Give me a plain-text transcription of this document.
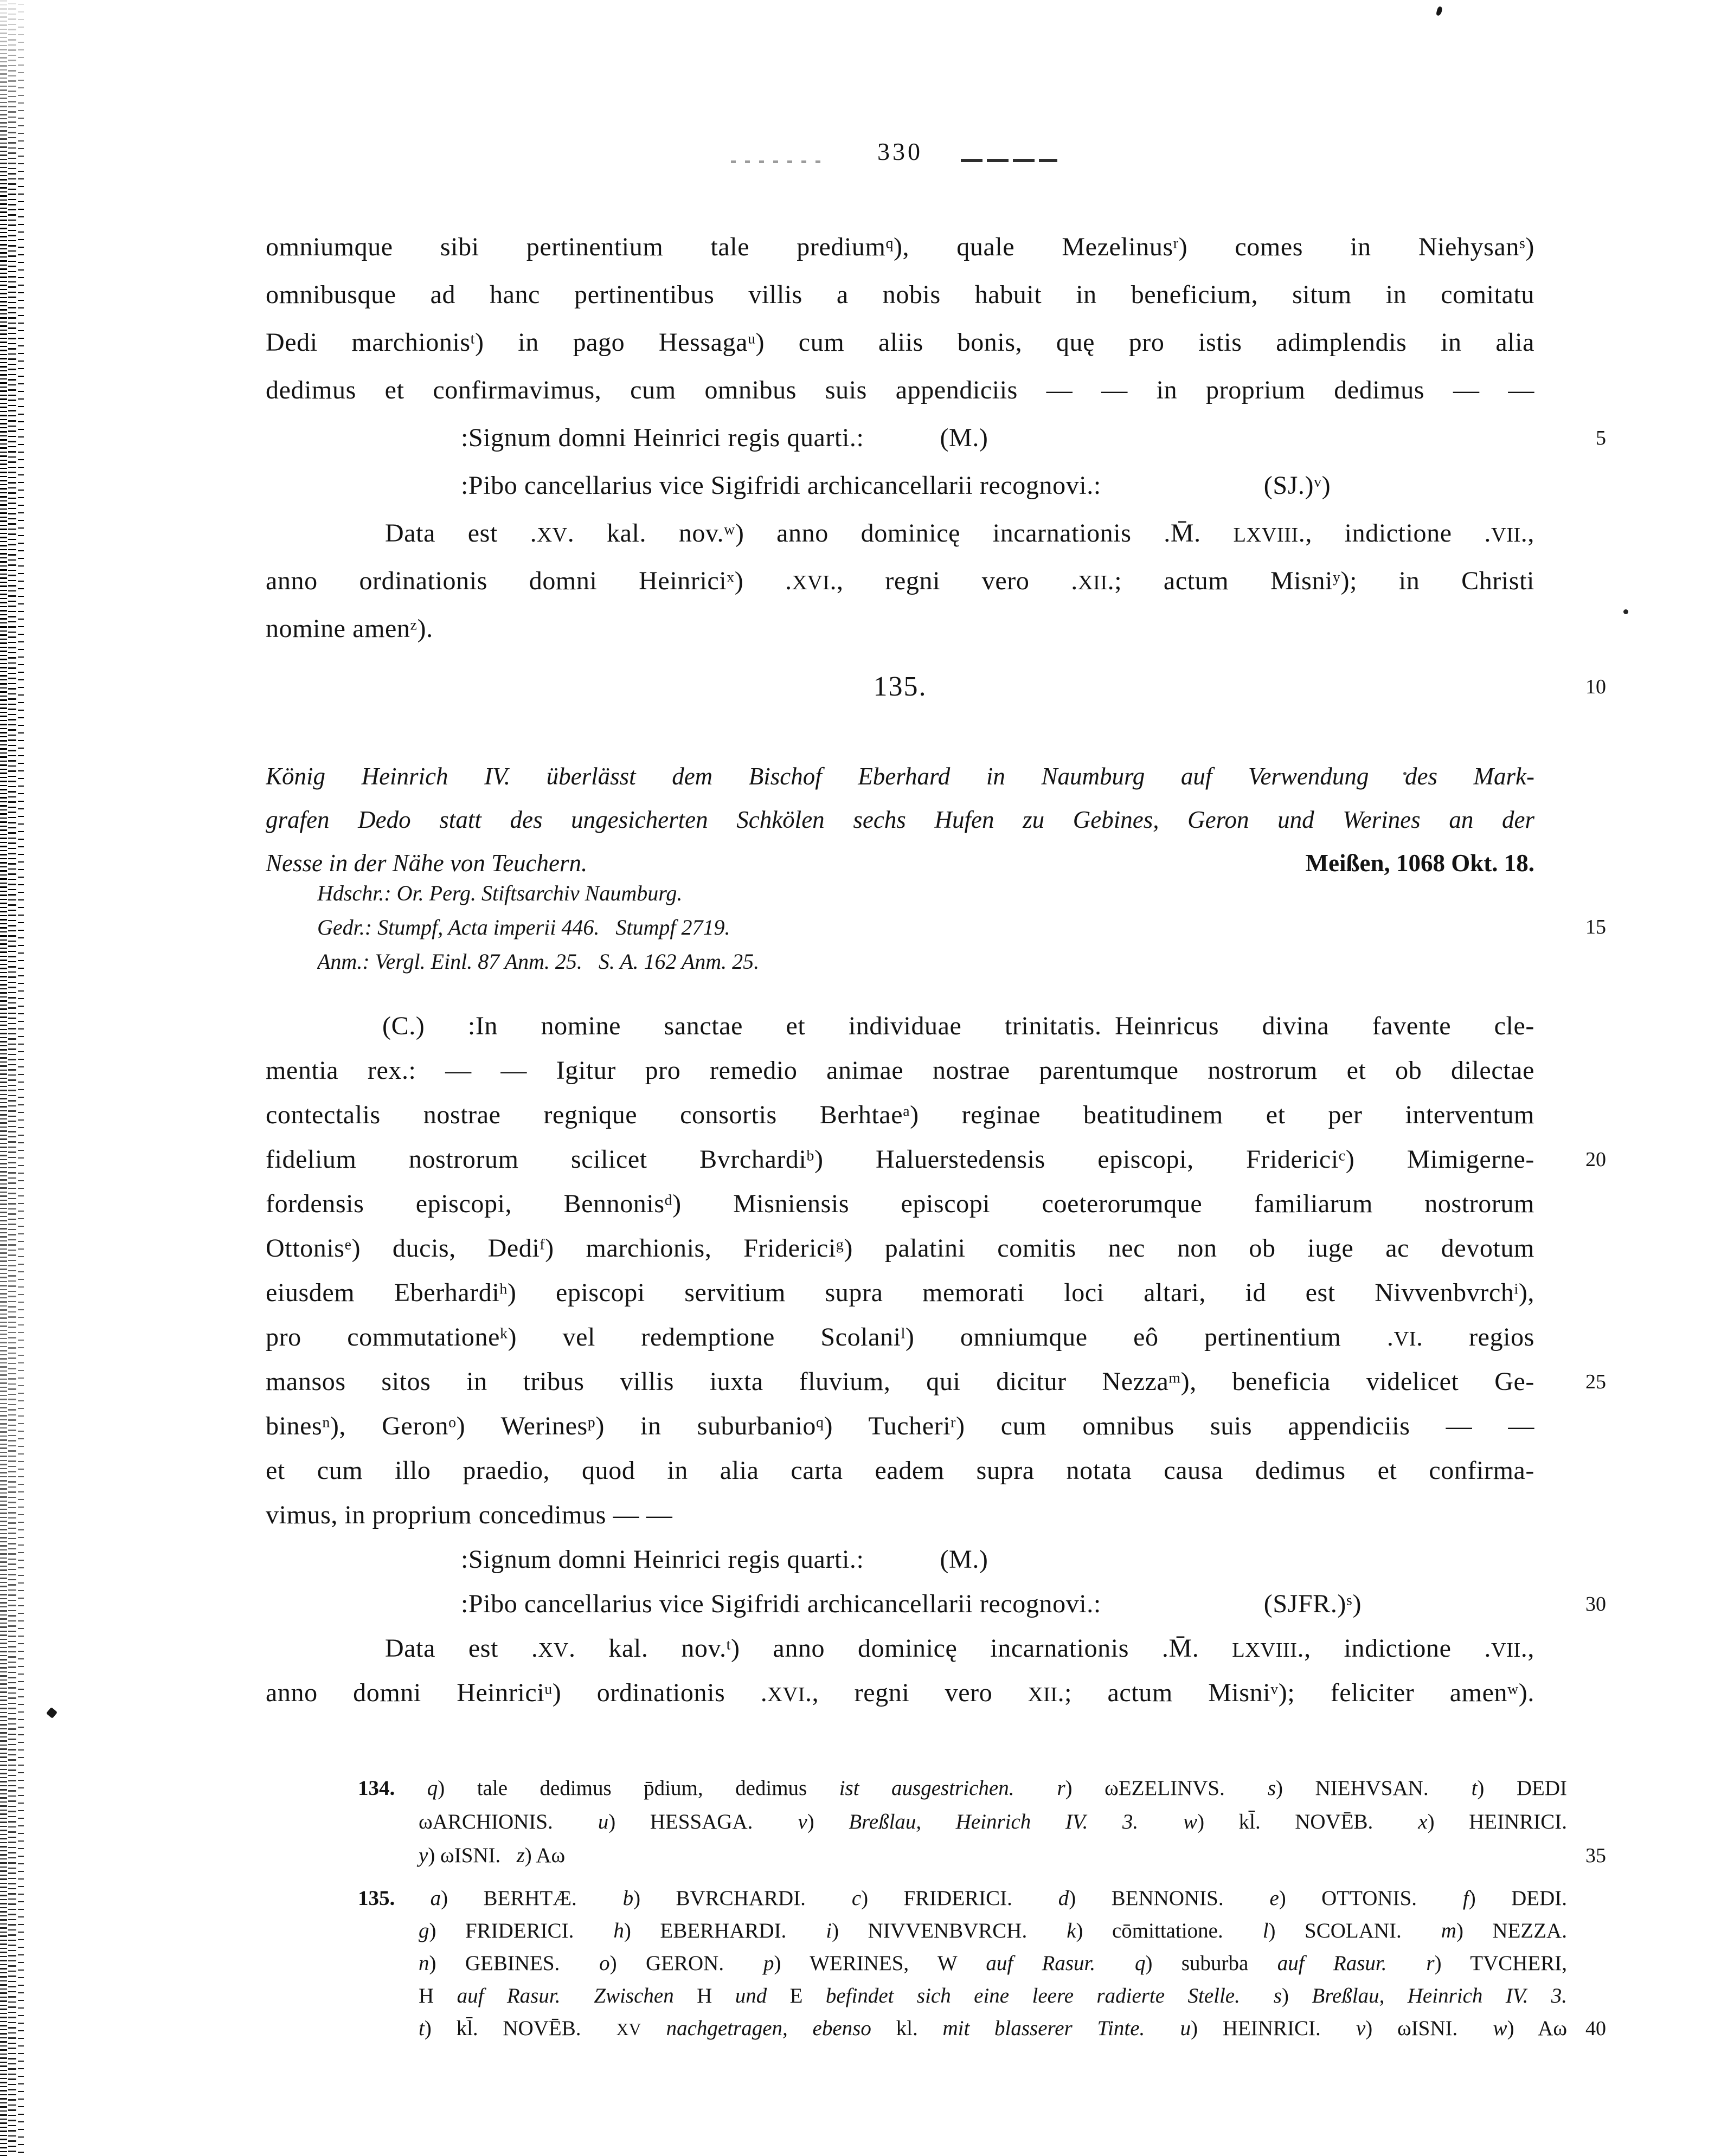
330
omniumque sibi pertinentium tale predium$^q$), quale Mezelinus$^r$) comes in Niehysan$^s$)
omnibusque ad hanc pertinentibus villis a nobis habuit in beneficium, situm in comitatu
Dedi marchionis$^t$) in pago Hessaga$^u$) cum aliis bonis, quę pro istis adimplendis in alia
dedimus et confirmavimus, cum omnibus suis appendiciis — — in proprium dedimus — —
:Signum domni Heinrici regis quarti.:	(M.)
:Pibo cancellarius vice Sigifridi archicancellarii recognovi.:	$(SJ.)^v$)
Data est .XV. kal. nov.$^w$) anno dominicę incarnationis .M̄. LXVIII., indictione .VII.,
anno ordinationis domni Heinrici$^x$) .XVI., regni vero .XII.; actum Misni$^y$); in Christi
nomine amen$^z$).
135.
König Heinrich IV. überlässt dem Bischof Eberhard in Naumburg auf Verwendung des Mark-
grafen Dedo statt des ungesicherten Schkölen sechs Hufen zu Gebines, Geron und Werines an der
Nesse in der Nähe von Teuchern.	Meißen, 1068 Okt. 18.
Hdschr.: Or. Perg. Stiftsarchiv Naumburg.
Gedr.: Stumpf, Acta imperii 446.  Stumpf 2719.
Anm.: Vergl. Einl. 87 Anm. 25.  S. A. 162 Anm. 25.
(C.) :In nomine sanctae et individuae trinitatis. Heinricus divina favente cle-
mentia rex.: — — Igitur pro remedio animae nostrae parentumque nostrorum et ob dilectae
contectalis nostrae regnique consortis Berhtae$^a$) reginae beatitudinem et per interventum
fidelium nostrorum scilicet Bvrchardi$^b$) Haluerstedensis episcopi, Friderici$^c$) Mimigerne-
fordensis episcopi, Bennonis$^d$) Misniensis episcopi coeterorumque familiarum nostrorum
Ottonis$^e$) ducis, Dedi$^f$) marchionis, Friderici$^g$) palatini comitis nec non ob iuge ac devotum
eiusdem Eberhardi$^h$) episcopi servitium supra memorati loci altari, id est Nivvenbvrch$^i$),
pro commutatione$^k$) vel redemptione Scolani$^l$) omniumque eô pertinentium .VI. regios
mansos sitos in tribus villis iuxta fluvium, qui dicitur Nezza$^m$), beneficia videlicet Ge-
bines$^n$), Geron$^o$) Werines$^p$) in suburbanio$^q$) Tucheri$^r$) cum omnibus suis appendiciis — —
et cum illo praedio, quod in alia carta eadem supra notata causa dedimus et confirma-
vimus, in proprium concedimus — —
:Signum domni Heinrici regis quarti.:	(M.)
:Pibo cancellarius vice Sigifridi archicancellarii recognovi.:	(SJFR.)$^s$)
Data est .XV. kal. nov.$^t$) anno dominicę incarnationis .M̄. LXVIII., indictione .VII.,
anno domni Heinrici$^u$) ordinationis .XVI., regni vero XII.; actum Misni$^v$); feliciter amen$^w$).
134. q) tale dedimus p̄dium, dedimus ist ausgestrichen.  r) ωEZELINVS.  s) NIEHVSAN.  t) DEDI
ωARCHIONIS.  u) HESSAGA.  v) Breßlau, Heinrich IV. 3.  w) kl̄. NOVĒB.  x) HEINRICI.
y) ωISNI.  z) Aω
135. a) BERHTÆ.  b) BVRCHARDI.  c) FRIDERICI.  d) BENNONIS.  e) OTTONIS.  f) DEDI.
g) FRIDERICI.  h) EBERHARDI.  i) NIVVENBVRCH.  k) cōmittatione.  l) SCOLANI.  m) NEZZA.
n) GEBINES.  o) GERON.  p) WERINES, W auf Rasur.  q) suburba auf Rasur.  r) TVCHERI,
H auf Rasur.  Zwischen H und E befindet sich eine leere radierte Stelle.  s) Breßlau, Heinrich IV. 3.
t) kl̄. NOVĒB.  XV nachgetragen, ebenso kl. mit blasserer Tinte.  u) HEINRICI.  v) ωISNI.  w) Aω
5
10
15
20
25
30
35
40
